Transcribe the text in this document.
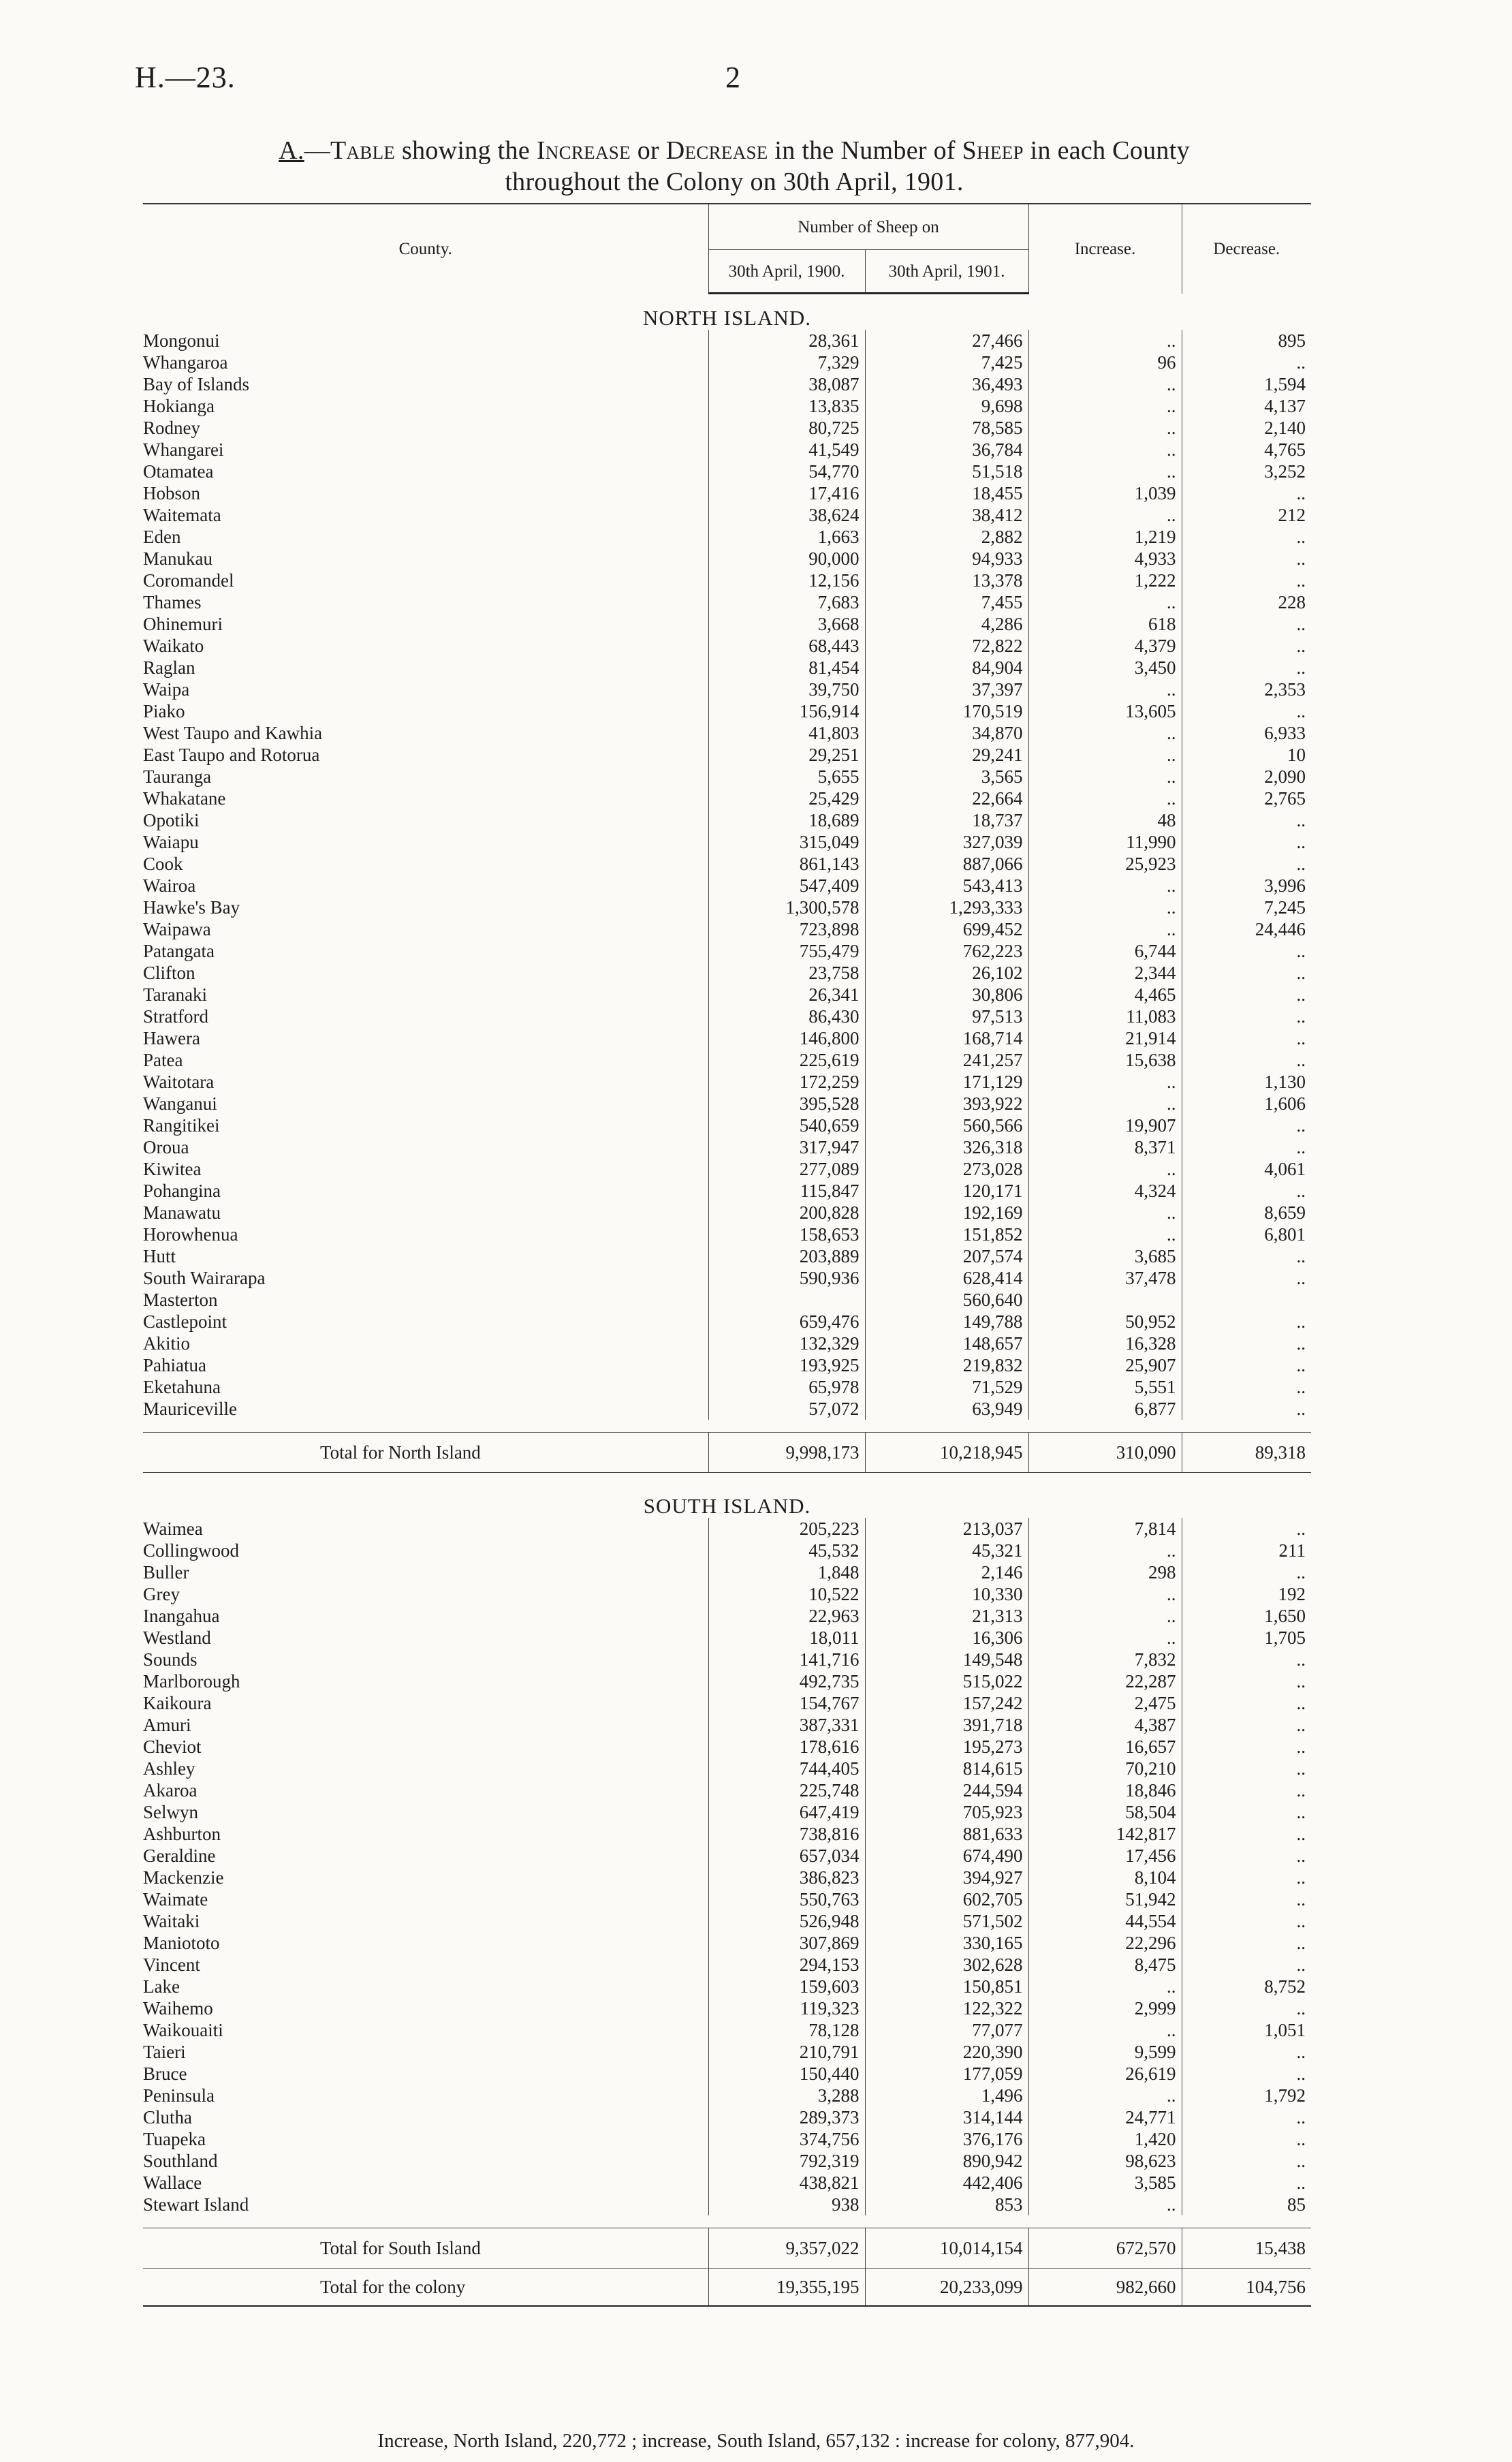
H.—23.	2
A.—Table showing the Increase or Decrease in the Number of Sheep in each County
throughout the Colony on 30th April, 1901.
County.	Number of Sheep on		Increase.	Decrease.
	30th April, 1900.	30th April, 1901.		
NORTH ISLAND.				
Mongonui	28,361	27,466	..	895
Whangaroa	7,329	7,425	96	..
Bay of Islands	38,087	36,493	..	1,594
Hokianga	13,835	9,698	..	4,137
Rodney	80,725	78,585	..	2,140
Whangarei	41,549	36,784	..	4,765
Otamatea	54,770	51,518	..	3,252
Hobson	17,416	18,455	1,039	..
Waitemata	38,624	38,412	..	212
Eden	1,663	2,882	1,219	..
Manukau	90,000	94,933	4,933	..
Coromandel	12,156	13,378	1,222	..
Thames	7,683	7,455	..	228
Ohinemuri	3,668	4,286	618	..
Waikato	68,443	72,822	4,379	..
Raglan	81,454	84,904	3,450	..
Waipa	39,750	37,397	..	2,353
Piako	156,914	170,519	13,605	..
West Taupo and Kawhia	41,803	34,870	..	6,933
East Taupo and Rotorua	29,251	29,241	..	10
Tauranga	5,655	3,565	..	2,090
Whakatane	25,429	22,664	..	2,765
Opotiki	18,689	18,737	48	..
Waiapu	315,049	327,039	11,990	..
Cook	861,143	887,066	25,923	..
Wairoa	547,409	543,413	..	3,996
Hawke's Bay	1,300,578	1,293,333	..	7,245
Waipawa	723,898	699,452	..	24,446
Patangata	755,479	762,223	6,744	..
Clifton	23,758	26,102	2,344	..
Taranaki	26,341	30,806	4,465	..
Stratford	86,430	97,513	11,083	..
Hawera	146,800	168,714	21,914	..
Patea	225,619	241,257	15,638	..
Waitotara	172,259	171,129	..	1,130
Wanganui	395,528	393,922	..	1,606
Rangitikei	540,659	560,566	19,907	..
Oroua	317,947	326,318	8,371	..
Kiwitea	277,089	273,028	..	4,061
Pohangina	115,847	120,171	4,324	..
Manawatu	200,828	192,169	..	8,659
Horowhenua	158,653	151,852	..	6,801
Hutt	203,889	207,574	3,685	..
South Wairarapa	590,936	628,414	37,478	..
Masterton		560,640		
Castlepoint	659,476	149,788	50,952	..
Akitio	132,329	148,657	16,328	..
Pahiatua	193,925	219,832	25,907	..
Eketahuna	65,978	71,529	5,551	..
Mauriceville	57,072	63,949	6,877	..

Total for North Island	9,998,173	10,218,945	310,090	89,318
SOUTH ISLAND.				
Waimea	205,223	213,037	7,814	..
Collingwood	45,532	45,321	..	211
Buller	1,848	2,146	298	..
Grey	10,522	10,330	..	192
Inangahua	22,963	21,313	..	1,650
Westland	18,011	16,306	..	1,705
Sounds	141,716	149,548	7,832	..
Marlborough	492,735	515,022	22,287	..
Kaikoura	154,767	157,242	2,475	..
Amuri	387,331	391,718	4,387	..
Cheviot	178,616	195,273	16,657	..
Ashley	744,405	814,615	70,210	..
Akaroa	225,748	244,594	18,846	..
Selwyn	647,419	705,923	58,504	..
Ashburton	738,816	881,633	142,817	..
Geraldine	657,034	674,490	17,456	..
Mackenzie	386,823	394,927	8,104	..
Waimate	550,763	602,705	51,942	..
Waitaki	526,948	571,502	44,554	..
Maniototo	307,869	330,165	22,296	..
Vincent	294,153	302,628	8,475	..
Lake	159,603	150,851	..	8,752
Waihemo	119,323	122,322	2,999	..
Waikouaiti	78,128	77,077	..	1,051
Taieri	210,791	220,390	9,599	..
Bruce	150,440	177,059	26,619	..
Peninsula	3,288	1,496	..	1,792
Clutha	289,373	314,144	24,771	..
Tuapeka	374,756	376,176	1,420	..
Southland	792,319	890,942	98,623	..
Wallace	438,821	442,406	3,585	..
Stewart Island	938	853	..	85

Total for South Island	9,357,022	10,014,154	672,570	15,438
Total for the colony	19,355,195	20,233,099	982,660	104,756
Increase, North Island, 220,772 ; increase, South Island, 657,132 : increase for colony, 877,904.
